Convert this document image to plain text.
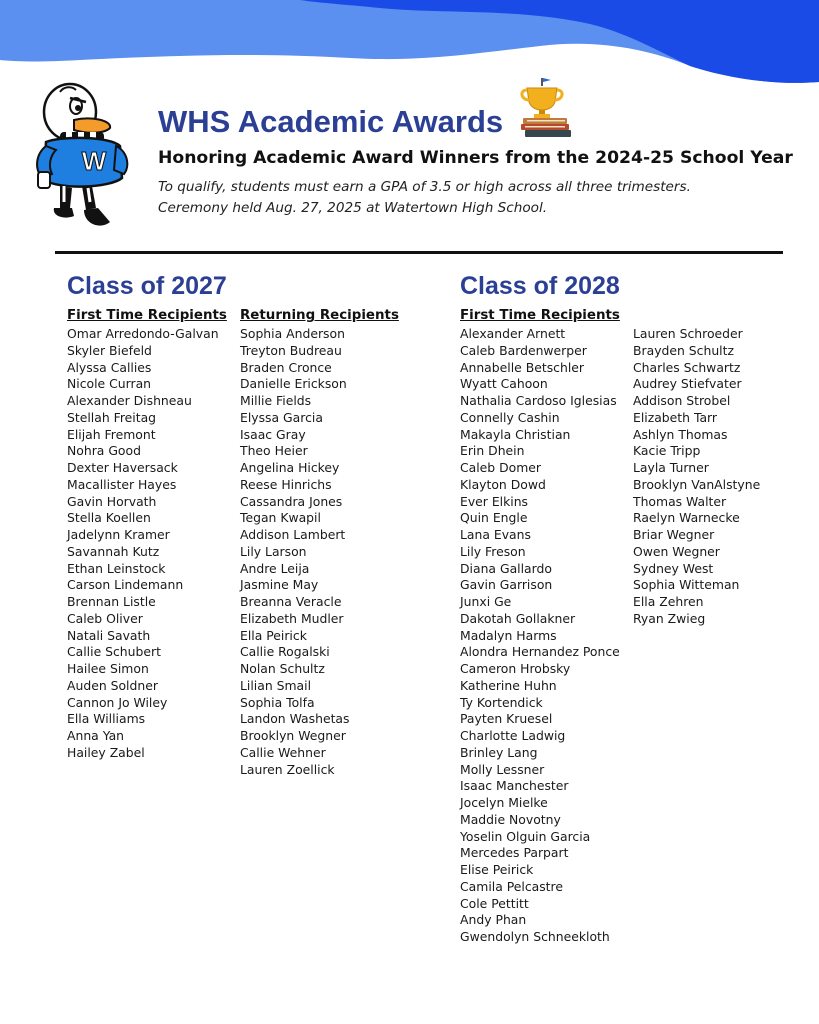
W
WHS Academic Awards
Honoring Academic Award Winners from the 2024-25 School Year

To qualify, students must earn a GPA of 3.5 or high across all three trimesters.

Ceremony held Aug. 27, 2025 at Watertown High School.

Class of 2027
First Time Recipients
Omar Arredondo-Galvan
Skyler Biefeld
Alyssa Callies
Nicole Curran
Alexander Dishneau
Stellah Freitag
Elijah Fremont
Nohra Good
Dexter Haversack
Macallister Hayes
Gavin Horvath
Stella Koellen
Jadelynn Kramer
Savannah Kutz
Ethan Leinstock
Carson Lindemann
Brennan Listle
Caleb Oliver
Natali Savath
Callie Schubert
Hailee Simon
Auden Soldner
Cannon Jo Wiley
Ella Williams
Anna Yan
Hailey Zabel
Returning Recipients
Sophia Anderson
Treyton Budreau
Braden Cronce
Danielle Erickson
Millie Fields
Elyssa Garcia
Isaac Gray
Theo Heier
Angelina Hickey
Reese Hinrichs
Cassandra Jones
Tegan Kwapil
Addison Lambert
Lily Larson
Andre Leija
Jasmine May
Breanna Veracle
Elizabeth Mudler
Ella Peirick
Callie Rogalski
Nolan Schultz
Lilian Smail
Sophia Tolfa
Landon Washetas
Brooklyn Wegner
Callie Wehner
Lauren Zoellick
Class of 2028
First Time Recipients
Alexander Arnett
Caleb Bardenwerper
Annabelle Betschler
Wyatt Cahoon
Nathalia Cardoso Iglesias
Connelly Cashin
Makayla Christian
Erin Dhein
Caleb Domer
Klayton Dowd
Ever Elkins
Quin Engle
Lana Evans
Lily Freson
Diana Gallardo
Gavin Garrison
Junxi Ge
Dakotah Gollakner
Madalyn Harms
Alondra Hernandez Ponce
Cameron Hrobsky
Katherine Huhn
Ty Kortendick
Payten Kruesel
Charlotte Ladwig
Brinley Lang
Molly Lessner
Isaac Manchester
Jocelyn Mielke
Maddie Novotny
Yoselin Olguin Garcia
Mercedes Parpart
Elise Peirick
Camila Pelcastre
Cole Pettitt
Andy Phan
Gwendolyn Schneekloth
Lauren Schroeder
Brayden Schultz
Charles Schwartz
Audrey Stiefvater
Addison Strobel
Elizabeth Tarr
Ashlyn Thomas
Kacie Tripp
Layla Turner
Brooklyn VanAlstyne
Thomas Walter
Raelyn Warnecke
Briar Wegner
Owen Wegner
Sydney West
Sophia Witteman
Ella Zehren
Ryan Zwieg
